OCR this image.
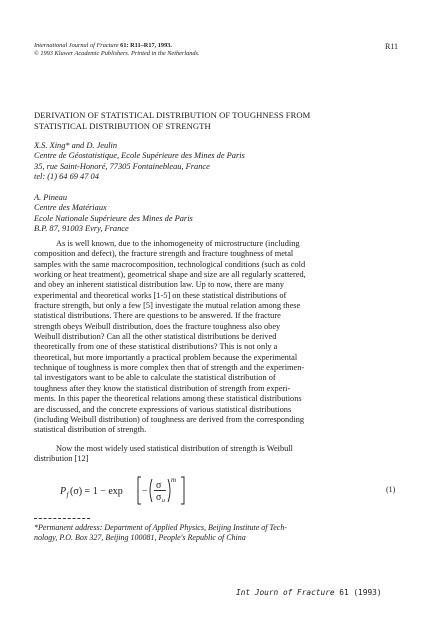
International Journal of Fracture 61: R11–R17, 1993.
© 1993 Kluwer Academic Publishers. Printed in the Netherlands.
R11
DERIVATION OF STATISTICAL DISTRIBUTION OF TOUGHNESS FROM
STATISTICAL DISTRIBUTION OF STRENGTH
X.S. Xing* and D. Jeulin
Centre de Géostatistique, Ecole Supérieure des Mines de Paris
35, rue Saint-Honoré, 77305 Fontainebleau, France
tel: (1) 64 69 47 04
A. Pineau
Centre des Matériaux
Ecole Nationale Supérieure des Mines de Paris
B.P. 87, 91003 Evry, France
As is well known, due to the inhomogeneity of microstructure (including
composition and defect), the fracture strength and fracture toughness of metal
samples with the same macrocomposition, technological conditions (such as cold
working or heat treatment), geometrical shape and size are all regularly scattered,
and obey an inherent statistical distribution law. Up to now, there are many
experimental and theoretical works [1-5] on these statistical distributions of
fracture strength, but only a few [5] investigate the mutual relation among these
statistical distributions. There are questions to be answered. If the fracture
strength obeys Weibull distribution, does the fracture toughness also obey
Weibull distribution? Can all the other statistical distributions be derived
theoretically from one of these statistical distributions? This is not only a
theoretical, but more importantly a practical problem because the experimental
technique of toughness is more complex then that of strength and the experimen-
tal investigators want to be able to calculate the statistical distribution of
toughness after they know the statistical distribution of strength from experi-
ments. In this paper the theoretical relations among these statistical distributions
are discussed, and the concrete expressions of various statistical distributions
(including Weibull distribution) of toughness are derived from the corresponding
statistical distribution of strength.
Now the most widely used statistical distribution of strength is Weibull
distribution [12]
P f (σ) = 1 − exp −
σ
σ u
m
(1)
*Permanent address: Department of Applied Physics, Beijing Institute of Tech-
nology, P.O. Box 327, Beijing 100081, People's Republic of China
Int Journ of Fracture 61 (1993)
